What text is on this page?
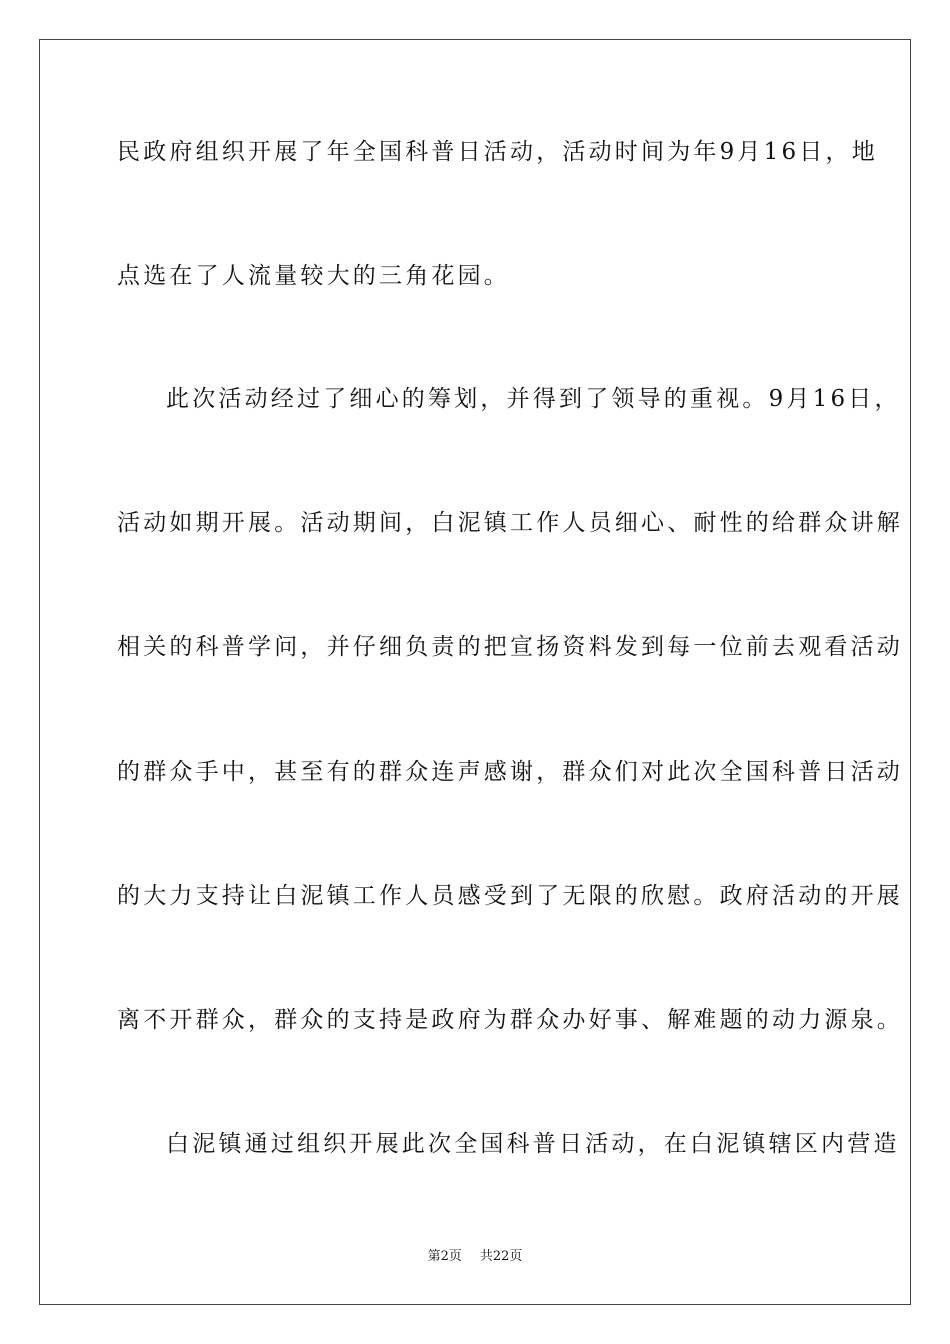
民政府组织开展了年全国科普日活动，活动时间为年9月16日，地
点选在了人流量较大的三角花园。
此次活动经过了细心的筹划，并得到了领导的重视。9月16日，
活动如期开展。活动期间，白泥镇工作人员细心、耐性的给群众讲解
相关的科普学问，并仔细负责的把宣扬资料发到每一位前去观看活动
的群众手中，甚至有的群众连声感谢，群众们对此次全国科普日活动
的大力支持让白泥镇工作人员感受到了无限的欣慰。政府活动的开展
离不开群众，群众的支持是政府为群众办好事、解难题的动力源泉。
白泥镇通过组织开展此次全国科普日活动，在白泥镇辖区内营造
第2页 共22页
